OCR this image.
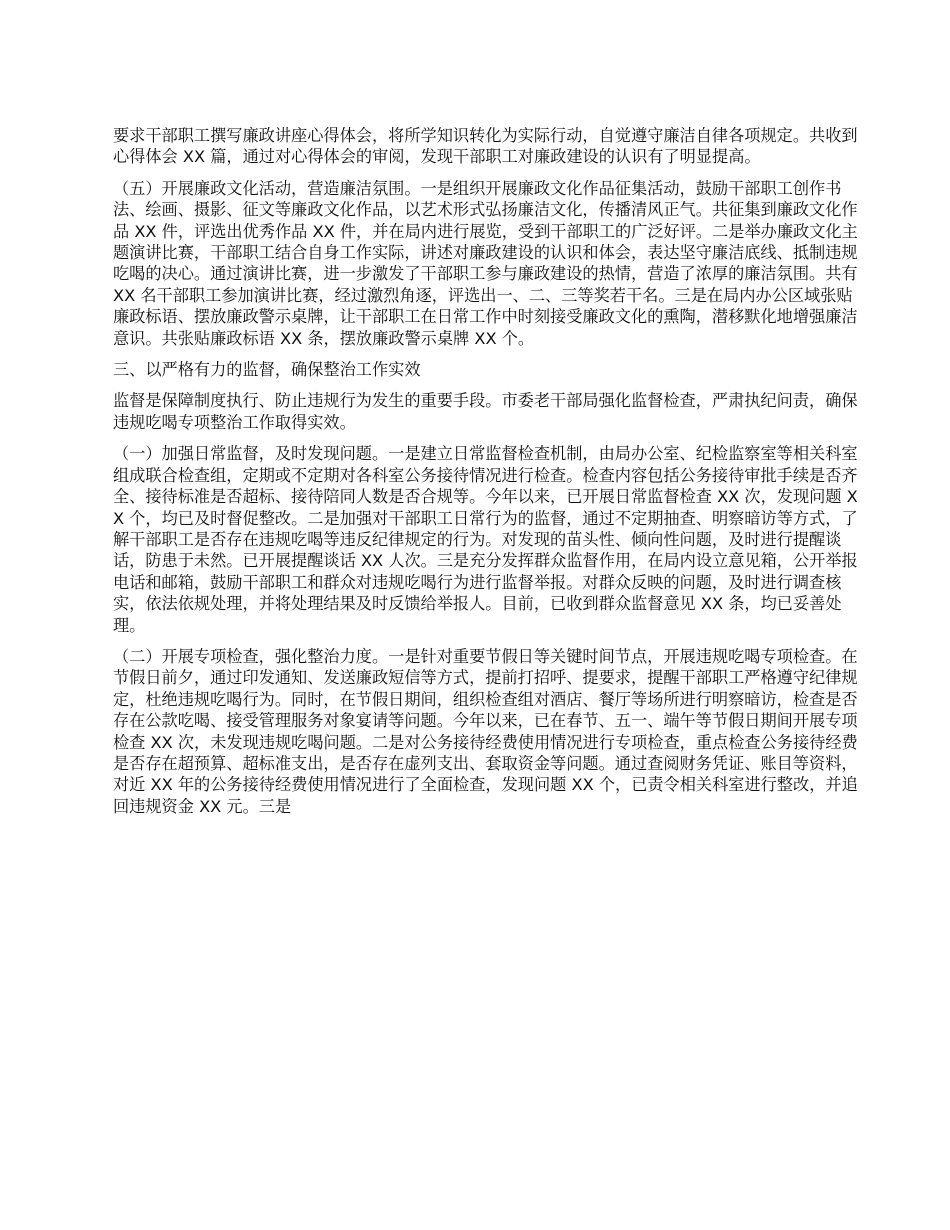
要求干部职工撰写廉政讲座心得体会，将所学知识转化为实际行动，自觉遵守廉洁自律各项规定。共收到心得体会 XX 篇，通过对心得体会的审阅，发现干部职工对廉政建设的认识有了明显提高。

（五）开展廉政文化活动，营造廉洁氛围。一是组织开展廉政文化作品征集活动，鼓励干部职工创作书法、绘画、摄影、征文等廉政文化作品，以艺术形式弘扬廉洁文化，传播清风正气。共征集到廉政文化作品 XX 件，评选出优秀作品 XX 件，并在局内进行展览，受到干部职工的广泛好评。二是举办廉政文化主题演讲比赛，干部职工结合自身工作实际，讲述对廉政建设的认识和体会，表达坚守廉洁底线、抵制违规吃喝的决心。通过演讲比赛，进一步激发了干部职工参与廉政建设的热情，营造了浓厚的廉洁氛围。共有 XX 名干部职工参加演讲比赛，经过激烈角逐，评选出一、二、三等奖若干名。三是在局内办公区域张贴廉政标语、摆放廉政警示桌牌，让干部职工在日常工作中时刻接受廉政文化的熏陶，潜移默化地增强廉洁意识。共张贴廉政标语 XX 条，摆放廉政警示桌牌 XX 个。

三、以严格有力的监督，确保整治工作实效

监督是保障制度执行、防止违规行为发生的重要手段。市委老干部局强化监督检查，严肃执纪问责，确保违规吃喝专项整治工作取得实效。

（一）加强日常监督，及时发现问题。一是建立日常监督检查机制，由局办公室、纪检监察室等相关科室组成联合检查组，定期或不定期对各科室公务接待情况进行检查。检查内容包括公务接待审批手续是否齐全、接待标准是否超标、接待陪同人数是否合规等。今年以来，已开展日常监督检查 XX 次，发现问题 XX 个，均已及时督促整改。二是加强对干部职工日常行为的监督，通过不定期抽查、明察暗访等方式，了解干部职工是否存在违规吃喝等违反纪律规定的行为。对发现的苗头性、倾向性问题，及时进行提醒谈话，防患于未然。已开展提醒谈话 XX 人次。三是充分发挥群众监督作用，在局内设立意见箱，公开举报电话和邮箱，鼓励干部职工和群众对违规吃喝行为进行监督举报。对群众反映的问题，及时进行调查核实，依法依规处理，并将处理结果及时反馈给举报人。目前，已收到群众监督意见 XX 条，均已妥善处理。

（二）开展专项检查，强化整治力度。一是针对重要节假日等关键时间节点，开展违规吃喝专项检查。在节假日前夕，通过印发通知、发送廉政短信等方式，提前打招呼、提要求，提醒干部职工严格遵守纪律规定，杜绝违规吃喝行为。同时，在节假日期间，组织检查组对酒店、餐厅等场所进行明察暗访，检查是否存在公款吃喝、接受管理服务对象宴请等问题。今年以来，已在春节、五一、端午等节假日期间开展专项检查 XX 次，未发现违规吃喝问题。二是对公务接待经费使用情况进行专项检查，重点检查公务接待经费是否存在超预算、超标准支出，是否存在虚列支出、套取资金等问题。通过查阅财务凭证、账目等资料，对近 XX 年的公务接待经费使用情况进行了全面检查，发现问题 XX 个，已责令相关科室进行整改，并追回违规资金 XX 元。三是
